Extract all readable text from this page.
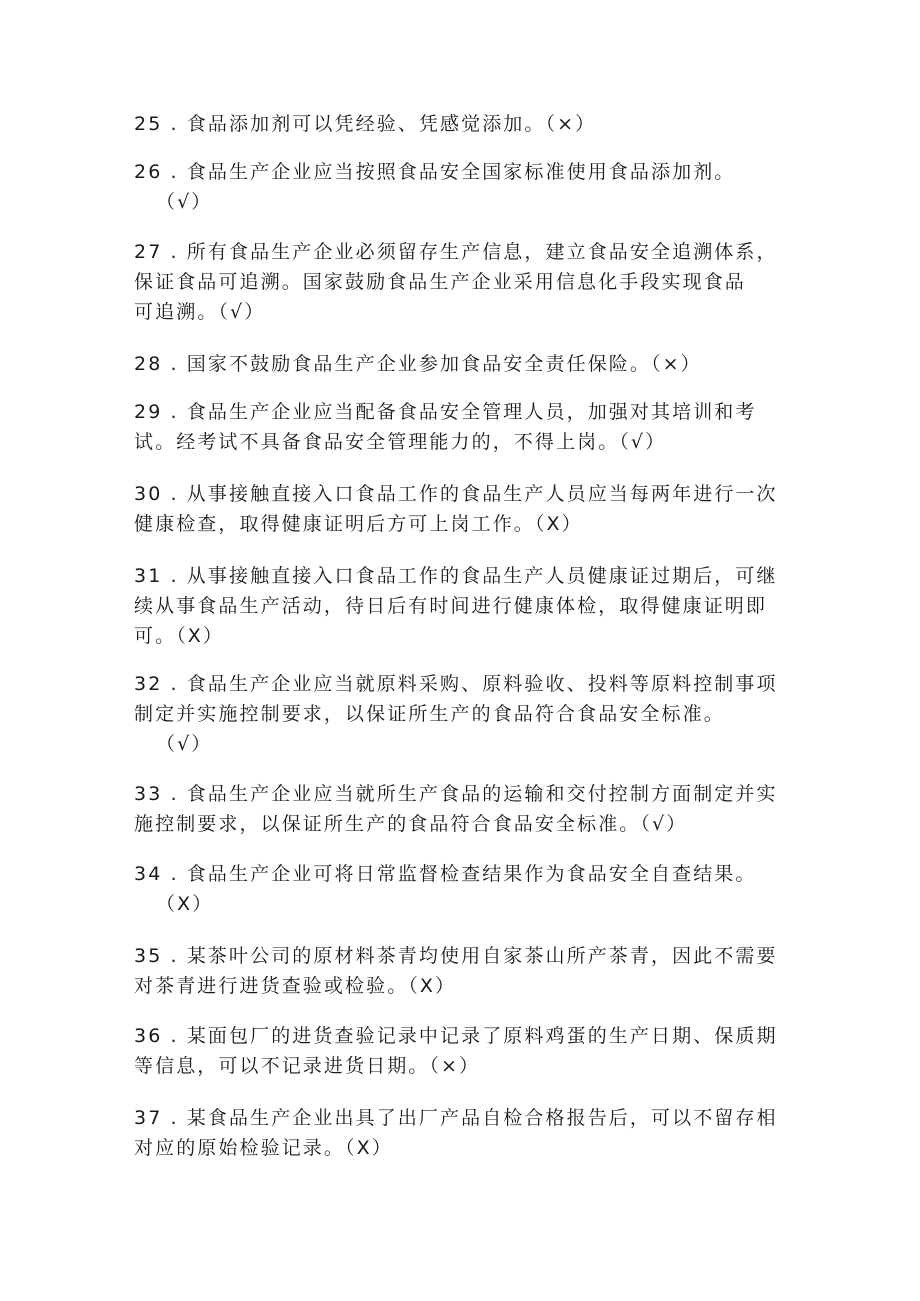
25 . 食品添加剂可以凭经验、凭感觉添加。（×）
26 . 食品生产企业应当按照食品安全国家标准使用食品添加剂。
（√）
27 . 所有食品生产企业必须留存生产信息，建立食品安全追溯体系，
保证食品可追溯。国家鼓励食品生产企业采用信息化手段实现食品
可追溯。（√）
28 . 国家不鼓励食品生产企业参加食品安全责任保险。（×）
29 . 食品生产企业应当配备食品安全管理人员，加强对其培训和考
试。经考试不具备食品安全管理能力的，不得上岗。（√）
30 . 从事接触直接入口食品工作的食品生产人员应当每两年进行一次
健康检查，取得健康证明后方可上岗工作。（X）
31 . 从事接触直接入口食品工作的食品生产人员健康证过期后，可继
续从事食品生产活动，待日后有时间进行健康体检，取得健康证明即
可。（X）
32 . 食品生产企业应当就原料采购、原料验收、投料等原料控制事项
制定并实施控制要求，以保证所生产的食品符合食品安全标准。
（√）
33 . 食品生产企业应当就所生产食品的运输和交付控制方面制定并实
施控制要求，以保证所生产的食品符合食品安全标准。（√）
34 . 食品生产企业可将日常监督检查结果作为食品安全自查结果。
（X）
35 . 某茶叶公司的原材料茶青均使用自家茶山所产茶青，因此不需要
对茶青进行进货查验或检验。（X）
36 . 某面包厂的进货查验记录中记录了原料鸡蛋的生产日期、保质期
等信息，可以不记录进货日期。（×）
37 . 某食品生产企业出具了出厂产品自检合格报告后，可以不留存相
对应的原始检验记录。（X）
